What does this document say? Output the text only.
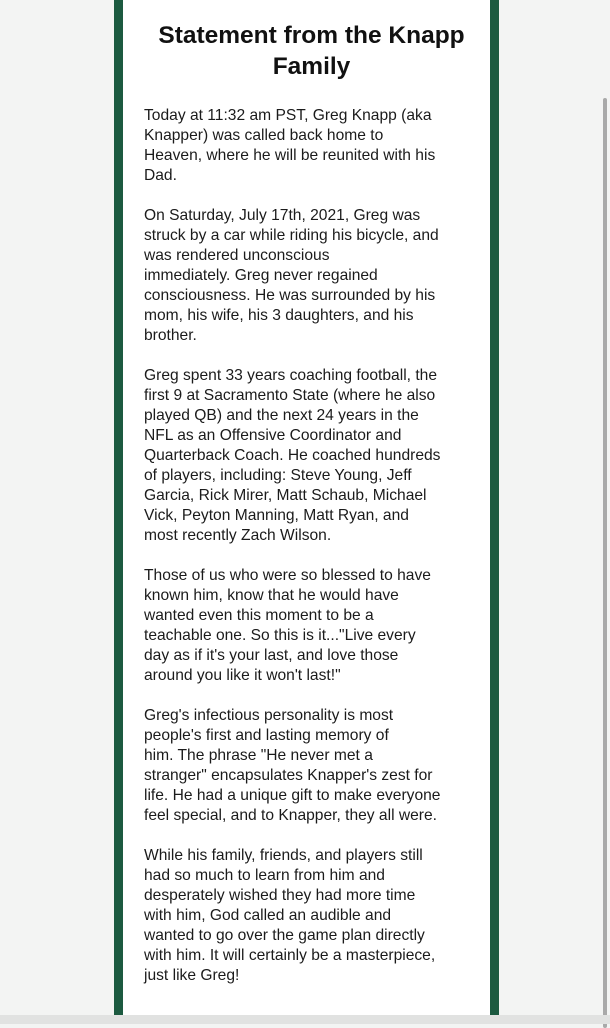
Statement from the Knapp Family

Today at 11:32 am PST, Greg Knapp (aka
Knapper) was called back home to
Heaven, where he will be reunited with his
Dad.

On Saturday, July 17th, 2021, Greg was
struck by a car while riding his bicycle, and
was rendered unconscious
immediately. Greg never regained
consciousness. He was surrounded by his
mom, his wife, his 3 daughters, and his
brother.

Greg spent 33 years coaching football, the
first 9 at Sacramento State (where he also
played QB) and the next 24 years in the
NFL as an Offensive Coordinator and
Quarterback Coach. He coached hundreds
of players, including: Steve Young, Jeff
Garcia, Rick Mirer, Matt Schaub, Michael
Vick, Peyton Manning, Matt Ryan, and
most recently Zach Wilson.

Those of us who were so blessed to have
known him, know that he would have
wanted even this moment to be a
teachable one. So this is it..."Live every
day as if it's your last, and love those
around you like it won't last!"

Greg's infectious personality is most
people's first and lasting memory of
him. The phrase "He never met a
stranger" encapsulates Knapper's zest for
life. He had a unique gift to make everyone
feel special, and to Knapper, they all were.

While his family, friends, and players still
had so much to learn from him and
desperately wished they had more time
with him, God called an audible and
wanted to go over the game plan directly
with him. It will certainly be a masterpiece,
just like Greg!
